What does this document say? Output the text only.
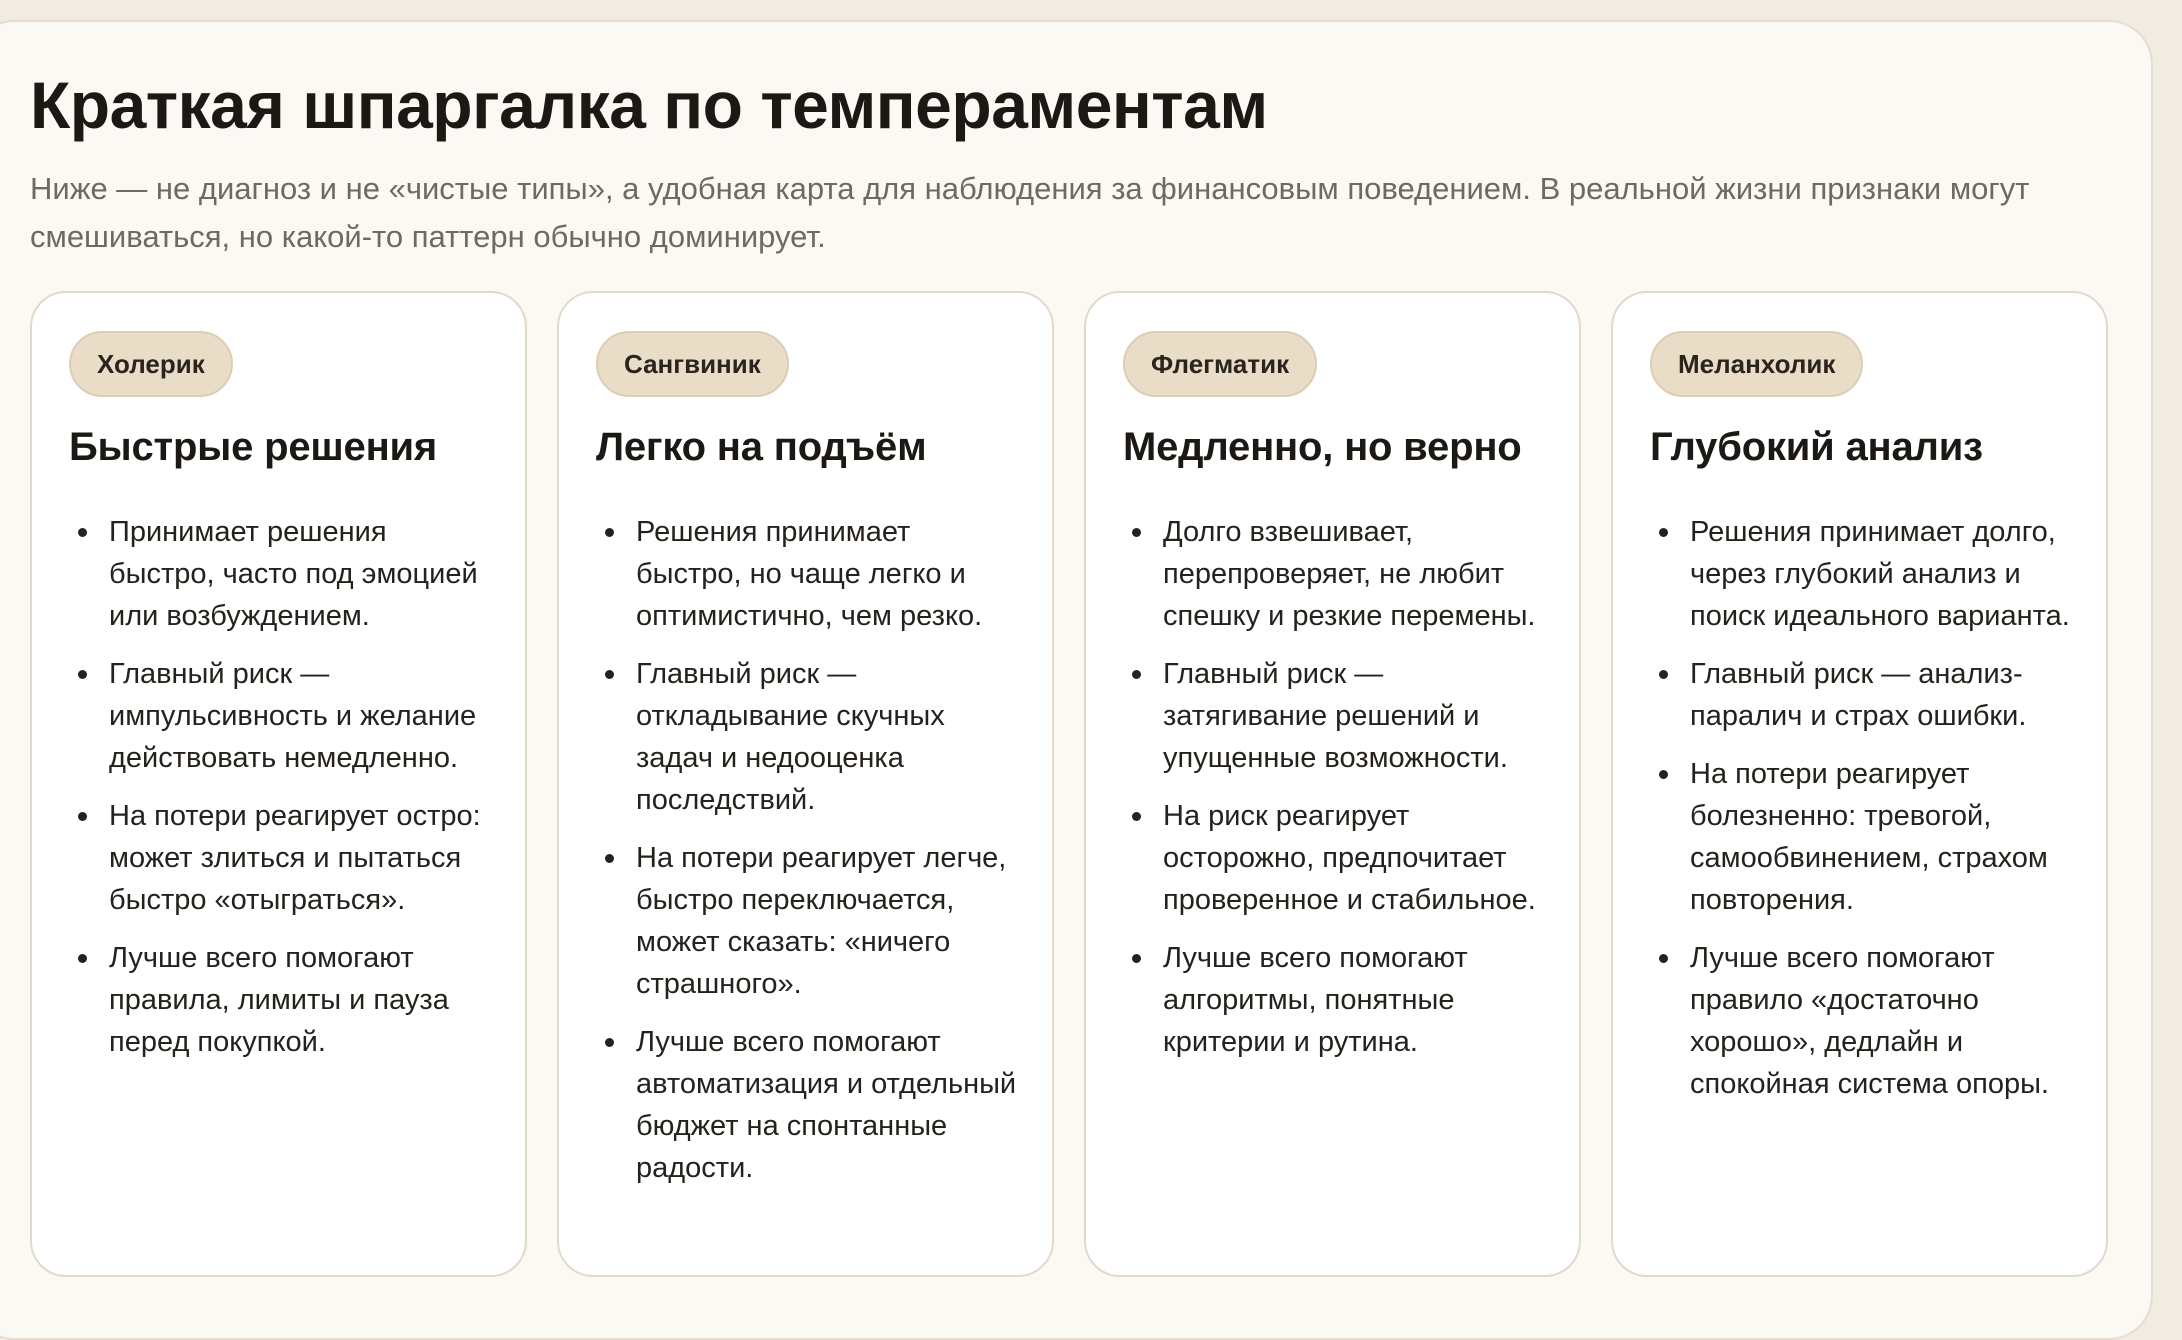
Краткая шпаргалка по темпераментам

Ниже — не диагноз и не «чистые типы», а удобная карта для наблюдения за финансовым поведением. В реальной жизни признаки могут смешиваться, но какой-то паттерн обычно доминирует.

Холерик
Быстрые решения
Принимает решения быстро, часто под эмоцией или возбуждением.
Главный риск — импульсивность и желание действовать немедленно.
На потери реагирует остро: может злиться и пытаться быстро «отыграться».
Лучше всего помогают правила, лимиты и пауза перед покупкой.
Сангвиник
Легко на подъём
Решения принимает быстро, но чаще легко и оптимистично, чем резко.
Главный риск — откладывание скучных задач и недооценка последствий.
На потери реагирует легче, быстро переключается, может сказать: «ничего страшного».
Лучше всего помогают автоматизация и отдельный бюджет на спонтанные радости.
Флегматик
Медленно, но верно
Долго взвешивает, перепроверяет, не любит спешку и резкие перемены.
Главный риск — затягивание решений и упущенные возможности.
На риск реагирует осторожно, предпочитает проверенное и стабильное.
Лучше всего помогают алгоритмы, понятные критерии и рутина.
Меланхолик
Глубокий анализ
Решения принимает долго, через глубокий анализ и поиск идеального варианта.
Главный риск — анализ-паралич и страх ошибки.
На потери реагирует болезненно: тревогой, самообвинением, страхом повторения.
Лучше всего помогают правило «достаточно хорошо», дедлайн и спокойная система опоры.
